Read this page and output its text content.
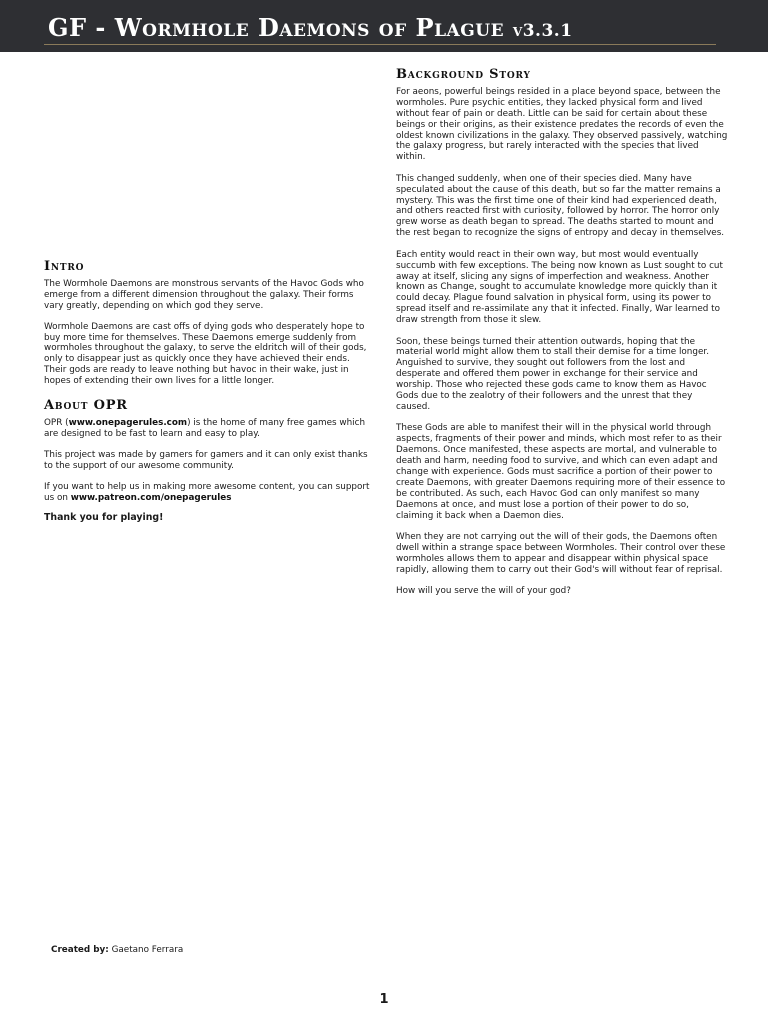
GF - Wormhole Daemons of Plague v3.3.1
Intro

The Wormhole Daemons are monstrous servants of the Havoc Gods who emerge from a different dimension throughout the galaxy. Their forms vary greatly, depending on which god they serve.

Wormhole Daemons are cast offs of dying gods who desperately hope to buy more time for themselves. These Daemons emerge suddenly from wormholes throughout the galaxy, to serve the eldritch will of their gods, only to disappear just as quickly once they have achieved their ends. Their gods are ready to leave nothing but havoc in their wake, just in hopes of extending their own lives for a little longer.

About OPR

OPR (www.onepagerules.com) is the home of many free games which are designed to be fast to learn and easy to play.

This project was made by gamers for gamers and it can only exist thanks to the support of our awesome community.

If you want to help us in making more awesome content, you can support us on www.patreon.com/onepagerules

Thank you for playing!

Background Story

For aeons, powerful beings resided in a place beyond space, between the wormholes. Pure psychic entities, they lacked physical form and lived without fear of pain or death. Little can be said for certain about these beings or their origins, as their existence predates the records of even the oldest known civilizations in the galaxy. They observed passively, watching the galaxy progress, but rarely interacted with the species that lived within.

This changed suddenly, when one of their species died. Many have speculated about the cause of this death, but so far the matter remains a mystery. This was the first time one of their kind had experienced death, and others reacted first with curiosity, followed by horror. The horror only grew worse as death began to spread. The deaths started to mount and the rest began to recognize the signs of entropy and decay in themselves.

Each entity would react in their own way, but most would eventually succumb with few exceptions. The being now known as Lust sought to cut away at itself, slicing any signs of imperfection and weakness. Another known as Change, sought to accumulate knowledge more quickly than it could decay. Plague found salvation in physical form, using its power to spread itself and re-assimilate any that it infected. Finally, War learned to draw strength from those it slew.

Soon, these beings turned their attention outwards, hoping that the material world might allow them to stall their demise for a time longer. Anguished to survive, they sought out followers from the lost and desperate and offered them power in exchange for their service and worship. Those who rejected these gods came to know them as Havoc Gods due to the zealotry of their followers and the unrest that they caused.

These Gods are able to manifest their will in the physical world through aspects, fragments of their power and minds, which most refer to as their Daemons. Once manifested, these aspects are mortal, and vulnerable to death and harm, needing food to survive, and which can even adapt and change with experience. Gods must sacrifice a portion of their power to create Daemons, with greater Daemons requiring more of their essence to be contributed. As such, each Havoc God can only manifest so many Daemons at once, and must lose a portion of their power to do so, claiming it back when a Daemon dies.

When they are not carrying out the will of their gods, the Daemons often dwell within a strange space between Wormholes. Their control over these wormholes allows them to appear and disappear within physical space rapidly, allowing them to carry out their God's will without fear of reprisal.

How will you serve the will of your god?

Created by: Gaetano Ferrara
1
